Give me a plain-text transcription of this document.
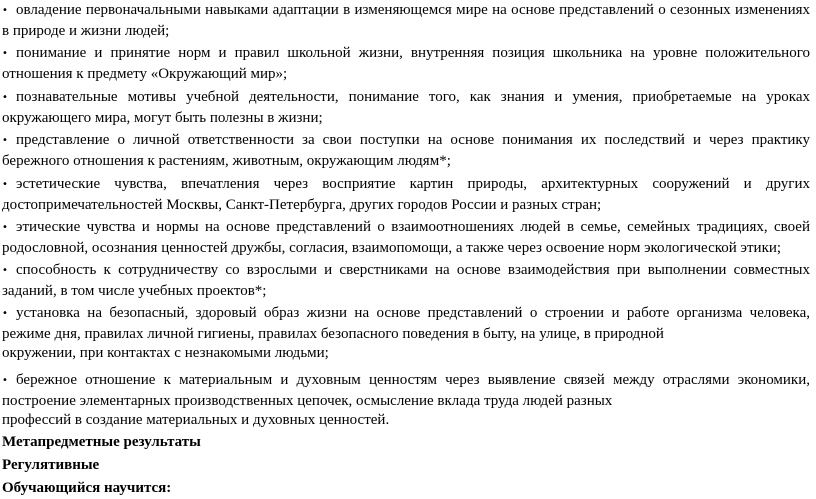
• овладение первоначальными навыками адаптации в изменяющемся мире на основе представлений о сезонных изменениях в природе и жизни людей;

• понимание и принятие норм и правил школьной жизни, внутренняя позиция школьника на уровне положительного отношения к предмету «Окружающий мир»;

• познавательные мотивы учебной деятельности, понимание того, как знания и умения, приобретаемые на уроках окружающего мира, могут быть полезны в жизни;

• представление о личной ответственности за свои поступки на основе понимания их последствий и через практику бережного отношения к растениям, животным, окружающим людям*;

• эстетические чувства, впечатления через восприятие картин природы, архитектурных сооружений и других достопримечательностей Москвы, Санкт-Петербурга, других городов России и разных стран;

• этические чувства и нормы на основе представлений о взаимоотношениях людей в семье, семейных традициях, своей родословной, осознания ценностей дружбы, согласия, взаимопомощи, а также через освоение норм экологической этики;

• способность к сотрудничеству со взрослыми и сверстниками на основе взаимодействия при выполнении совместных заданий, в том числе учебных проектов*;

• установка на безопасный, здоровый образ жизни на основе представлений о строении и работе организма человека, режиме дня, правилах личной гигиены, правилах безопасного поведения в быту, на улице, в природной

окружении, при контактах с незнакомыми людьми;

• бережное отношение к материальным и духовным ценностям через выявление связей между отраслями экономики, построение элементарных производственных цепочек, осмысление вклада труда людей разных

профессий в создание материальных и духовных ценностей.

Метапредметные результаты
Регулятивные
Обучающийся научится:
